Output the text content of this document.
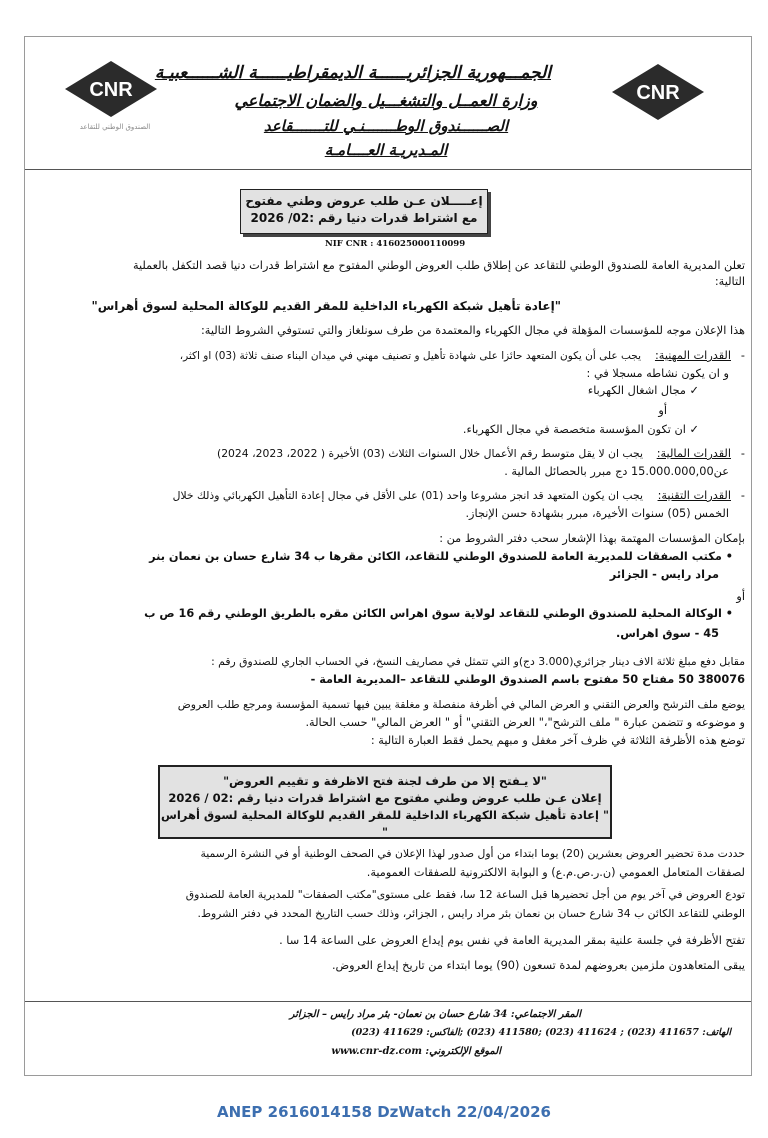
CNR
الصندوق الوطني للتقاعد
CNR
الجمـــهورية الجزائريــــــة الديمقراطيــــــة الشــــــعبيـة
وزارة العمــل والتشغـــيل والضمان الاجتماعي
الصــــــندوق الوطـــــــنـي للتـــــــقاعد
المـديريـة العــــامـة
إعـــــلان عـن طلب عروض وطني مفتوح
مع اشتراط قدرات دنيا رقم :02/ 2026
NIF CNR : 416025000110099
تعلن المديرية العامة للصندوق الوطني للتقاعد عن إطلاق طلب العروض الوطني المفتوح مع اشتراط قدرات دنيا قصد التكفل بالعملية
التالية:
"إعادة تأهيل شبكة الكهرباء الداخلية للمقر القديم للوكالة المحلية لسوق أهراس"
هذا الإعلان موجه للمؤسسات المؤهلة في مجال الكهرباء والمعتمدة من طرف سونلغاز والتي تستوفي الشروط التالية:
-
القدرات المهنية:
يجب على أن يكون المتعهد حائزا على شهادة تأهيل و تصنيف مهني في ميدان البناء صنف ثلاثة (03) او اكثر،
و ان يكون نشاطه مسجلا في :
✓ مجال اشغال الكهرباء
أو
✓ ان تكون المؤسسة متخصصة في مجال الكهرباء.
-
القدرات المالية:
يجب ان لا يقل متوسط رقم الأعمال خلال السنوات الثلاث (03) الأخيرة ( 2022، 2023، 2024)
عن15.000.000,00 دج مبرر بالحصائل المالية .
-
القدرات التقنية:
يجب ان يكون المتعهد قد انجز مشروعا واحد (01) على الأقل في مجال إعادة التأهيل الكهربائي وذلك خلال
الخمس (05) سنوات الأخيرة، مبرر بشهادة حسن الإنجاز.
بإمكان المؤسسات المهتمة بهذا الإشعار سحب دفتر الشروط من :
• مكتب الصفقات للمديرية العامة للصندوق الوطني للتقاعد، الكائن مقرها ب 34 شارع حسان بن نعمان بنر
مراد رايس - الجزائر
أو
• الوكالة المحلية للصندوق الوطني للتقاعد لولاية سوق اهراس الكائن مقره بالطريق الوطني رقم 16 ص ب
45 - سوق اهراس.
مقابل دفع مبلغ ثلاثة الاف دينار جزائري(3.000 دج)و التي تتمثل في مصاريف النسخ، في الحساب الجاري للصندوق رقم :
380076 50 مفتاح 50 مفتوح باسم الصندوق الوطني للتقاعد –المديرية العامة -
يوضع ملف الترشح والعرض التقني و العرض المالي في أظرفة منفصلة و مغلقة يبين فيها تسمية المؤسسة ومرجع طلب العروض
و موضوعه و تتضمن عبارة " ملف الترشح"،" العرض التقني" أو " العرض المالي" حسب الحالة.
توضع هذه الأظرفة الثلاثة في ظرف آخر مغفل و مبهم يحمل فقط العبارة التالية :
"لا يـفتح إلا من طرف لجنة فتح الاظرفة و تقييم العروض"
إعلان عـن طلب عروض وطني مفتوح مع اشتراط قدرات دنيا رقم :02 / 2026
" إعادة تأهيل شبكة الكهرباء الداخلية للمقر القديم للوكالة المحلية لسوق أهراس "
حددت مدة تحضير العروض بعشرين (20) يوما ابتداء من أول صدور لهذا الإعلان في الصحف الوطنية أو في النشرة الرسمية
لصفقات المتعامل العمومي (ن.ر.ص.م.ع) و البوابة الالكترونية للصفقات العمومية.
تودع العروض في آخر يوم من أجل تحضيرها قبل الساعة 12 سا، فقط على مستوى"مكتب الصفقات" للمديرية العامة للصندوق
الوطني للتقاعد الكائن ب 34 شارع حسان بن نعمان بئر مراد رايس , الجزائر، وذلك حسب التاريخ المحدد في دفتر الشروط.
تفتح الأظرفة في جلسة علنية بمقر المديرية العامة في نفس يوم إيداع العروض على الساعة 14 سا .
يبقى المتعاهدون ملزمين بعروضهم لمدة تسعون (90) يوما ابتداء من تاريخ إيداع العروض.
المقر الاجتماعي: 34 شارع حسان بن نعمان- بئر مراد رايس – الجزائر
الهاتف: 411657 (023) ; 411624 (023) ;411580 (023) ;الفاكس: 411629 (023)
الموقع الإلكتروني: www.cnr-dz.com
ANEP 2616014158 DzWatch 22/04/2026
